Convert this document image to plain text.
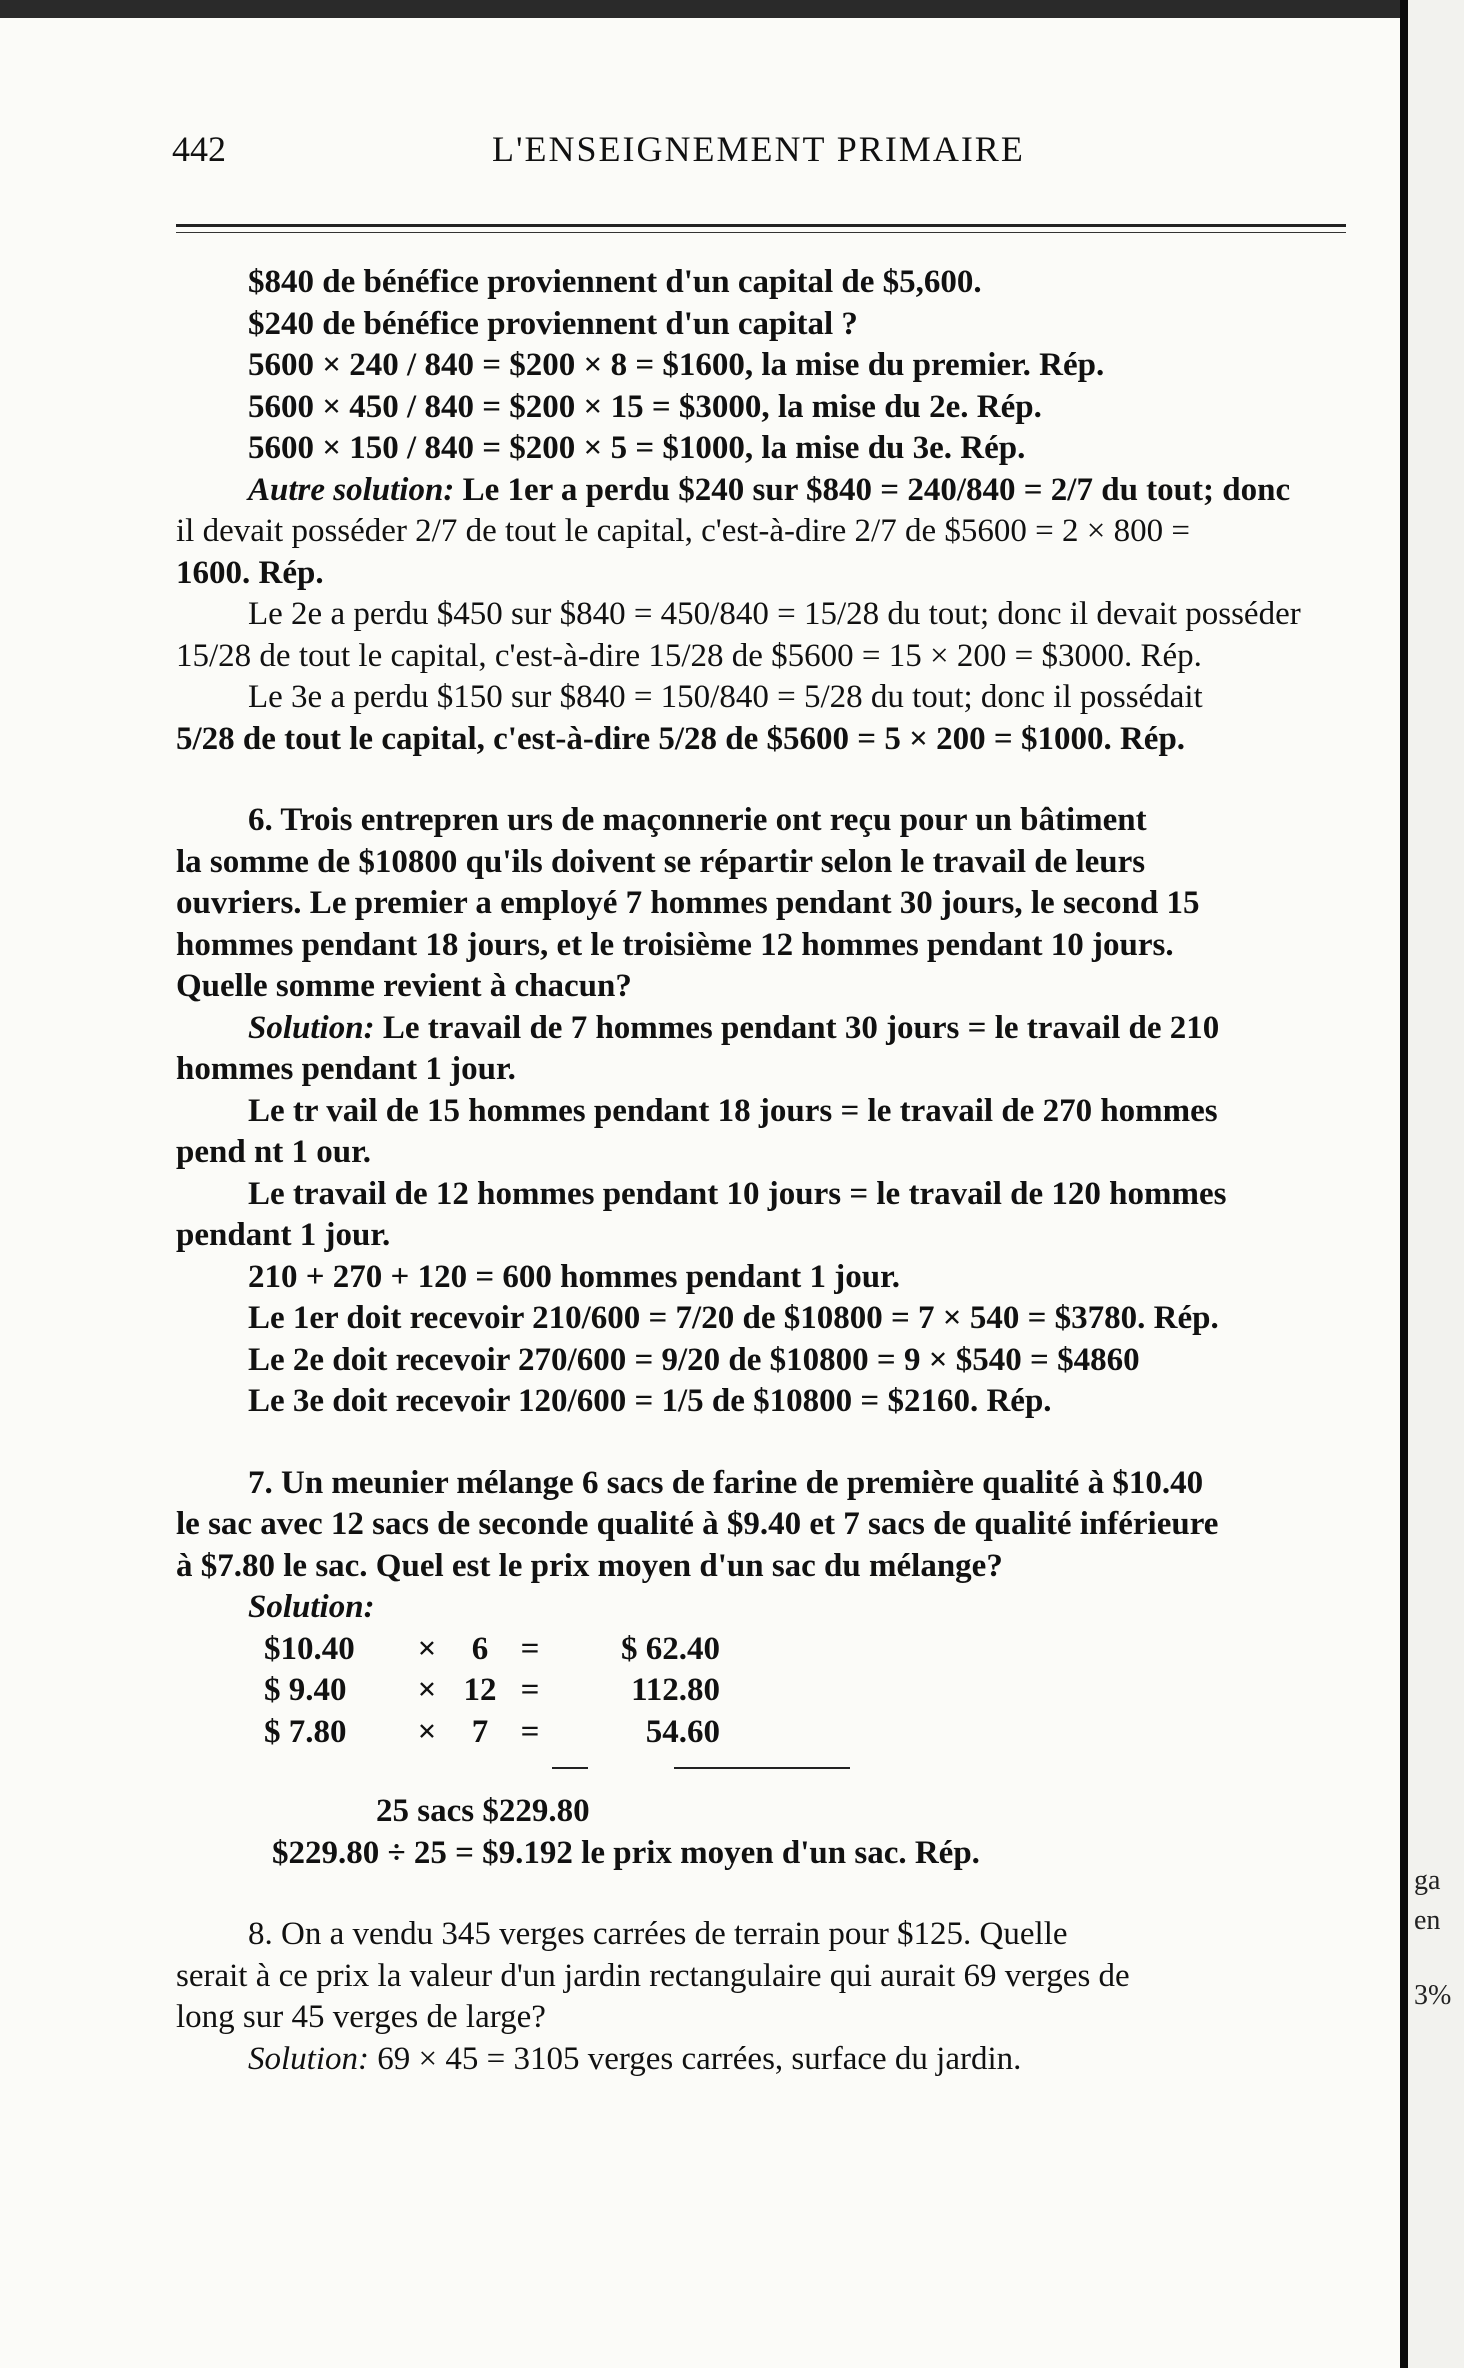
442	L'ENSEIGNEMENT PRIMAIRE
$840 de bénéfice proviennent d'un capital de $5,600.
$240 de bénéfice proviennent d'un capital ?
5600 × 240 / 840 = $200 × 8 = $1600, la mise du premier. Rép.
5600 × 450 / 840 = $200 × 15 = $3000, la mise du 2e. Rép.
5600 × 150 / 840 = $200 × 5 = $1000, la mise du 3e. Rép.
Autre solution: Le 1er a perdu $240 sur $840 = 240/840 = 2/7 du tout; donc
il devait posséder 2/7 de tout le capital, c'est-à-dire 2/7 de $5600 = 2 × 800 =
1600. Rép.
Le 2e a perdu $450 sur $840 = 450/840 = 15/28 du tout; donc il devait posséder
15/28 de tout le capital, c'est-à-dire 15/28 de $5600 = 15 × 200 = $3000. Rép.
Le 3e a perdu $150 sur $840 = 150/840 = 5/28 du tout; donc il possédait
5/28 de tout le capital, c'est-à-dire 5/28 de $5600 = 5 × 200 = $1000. Rép.
6. Trois entrepren urs de maçonnerie ont reçu pour un bâtiment
la somme de $10800 qu'ils doivent se répartir selon le travail de leurs
ouvriers. Le premier a employé 7 hommes pendant 30 jours, le second 15
hommes pendant 18 jours, et le troisième 12 hommes pendant 10 jours.
Quelle somme revient à chacun?
Solution: Le travail de 7 hommes pendant 30 jours = le travail de 210
hommes pendant 1 jour.
Le tr vail de 15 hommes pendant 18 jours = le travail de 270 hommes
pend nt 1 our.
Le travail de 12 hommes pendant 10 jours = le travail de 120 hommes
pendant 1 jour.
210 + 270 + 120 = 600 hommes pendant 1 jour.
Le 1er doit recevoir 210/600 = 7/20 de $10800 = 7 × 540 = $3780. Rép.
Le 2e doit recevoir 270/600 = 9/20 de $10800 = 9 × $540 = $4860
Le 3e doit recevoir 120/600 = 1/5 de $10800 = $2160. Rép.
7. Un meunier mélange 6 sacs de farine de première qualité à $10.40
le sac avec 12 sacs de seconde qualité à $9.40 et 7 sacs de qualité inférieure
à $7.80 le sac. Quel est le prix moyen d'un sac du mélange?
Solution:
$10.40	×	6 =	$ 62.40
$ 9.40	× 12 =	112.80
$ 7.80	×	7 =	54.60
25 sacs $229.80
$229.80 ÷ 25 = $9.192 le prix moyen d'un sac. Rép.
8. On a vendu 345 verges carrées de terrain pour $125. Quelle
serait à ce prix la valeur d'un jardin rectangulaire qui aurait 69 verges de
long sur 45 verges de large?
Solution: 69 × 45 = 3105 verges carrées, surface du jardin.
ga
en
3%
